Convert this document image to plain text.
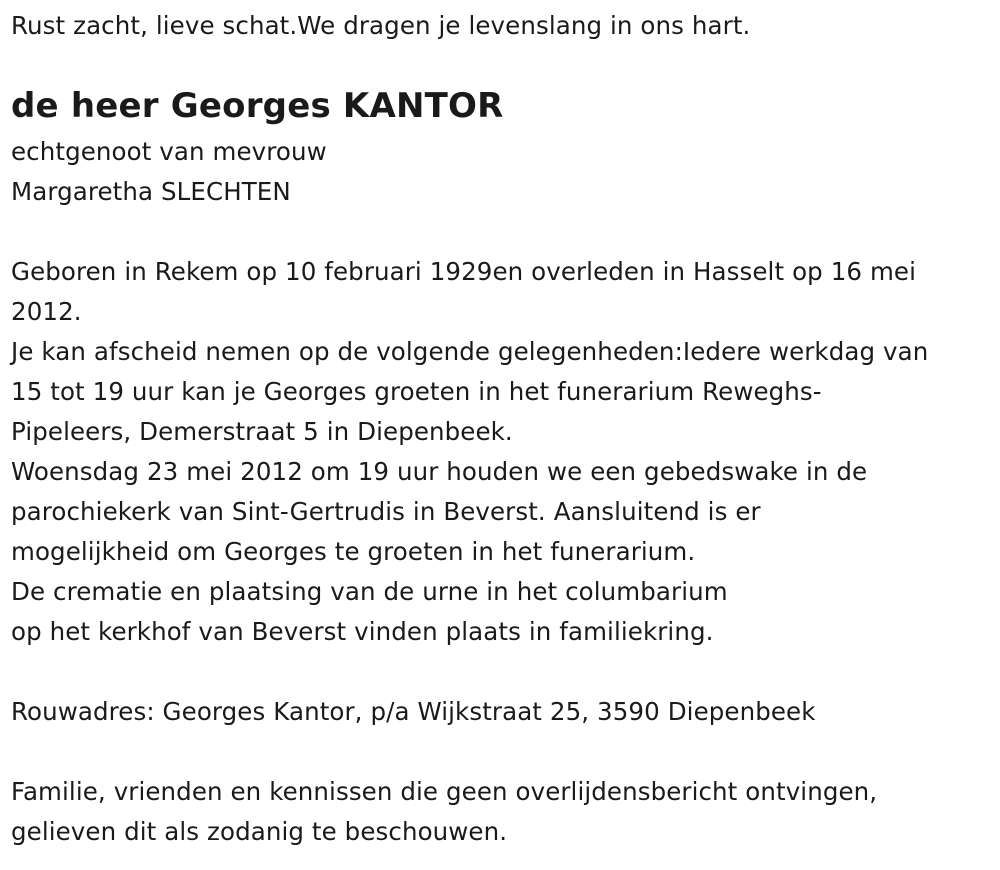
Rust zacht, lieve schat.We dragen je levenslang in ons hart.
de heer Georges KANTOR
echtgenoot van mevrouw
Margaretha SLECHTEN
Geboren in Rekem op 10 februari 1929en overleden in Hasselt op 16 mei
2012.
Je kan afscheid nemen op de volgende gelegenheden:Iedere werkdag van
15 tot 19 uur kan je Georges groeten in het funerarium Reweghs-
Pipeleers, Demerstraat 5 in Diepenbeek.
Woensdag 23 mei 2012 om 19 uur houden we een gebedswake in de
parochiekerk van Sint-Gertrudis in Beverst. Aansluitend is er
mogelijkheid om Georges te groeten in het funerarium.
De crematie en plaatsing van de urne in het columbarium
op het kerkhof van Beverst vinden plaats in familiekring.
Rouwadres: Georges Kantor, p/a Wijkstraat 25, 3590 Diepenbeek
Familie, vrienden en kennissen die geen overlijdensbericht ontvingen,
gelieven dit als zodanig te beschouwen.
